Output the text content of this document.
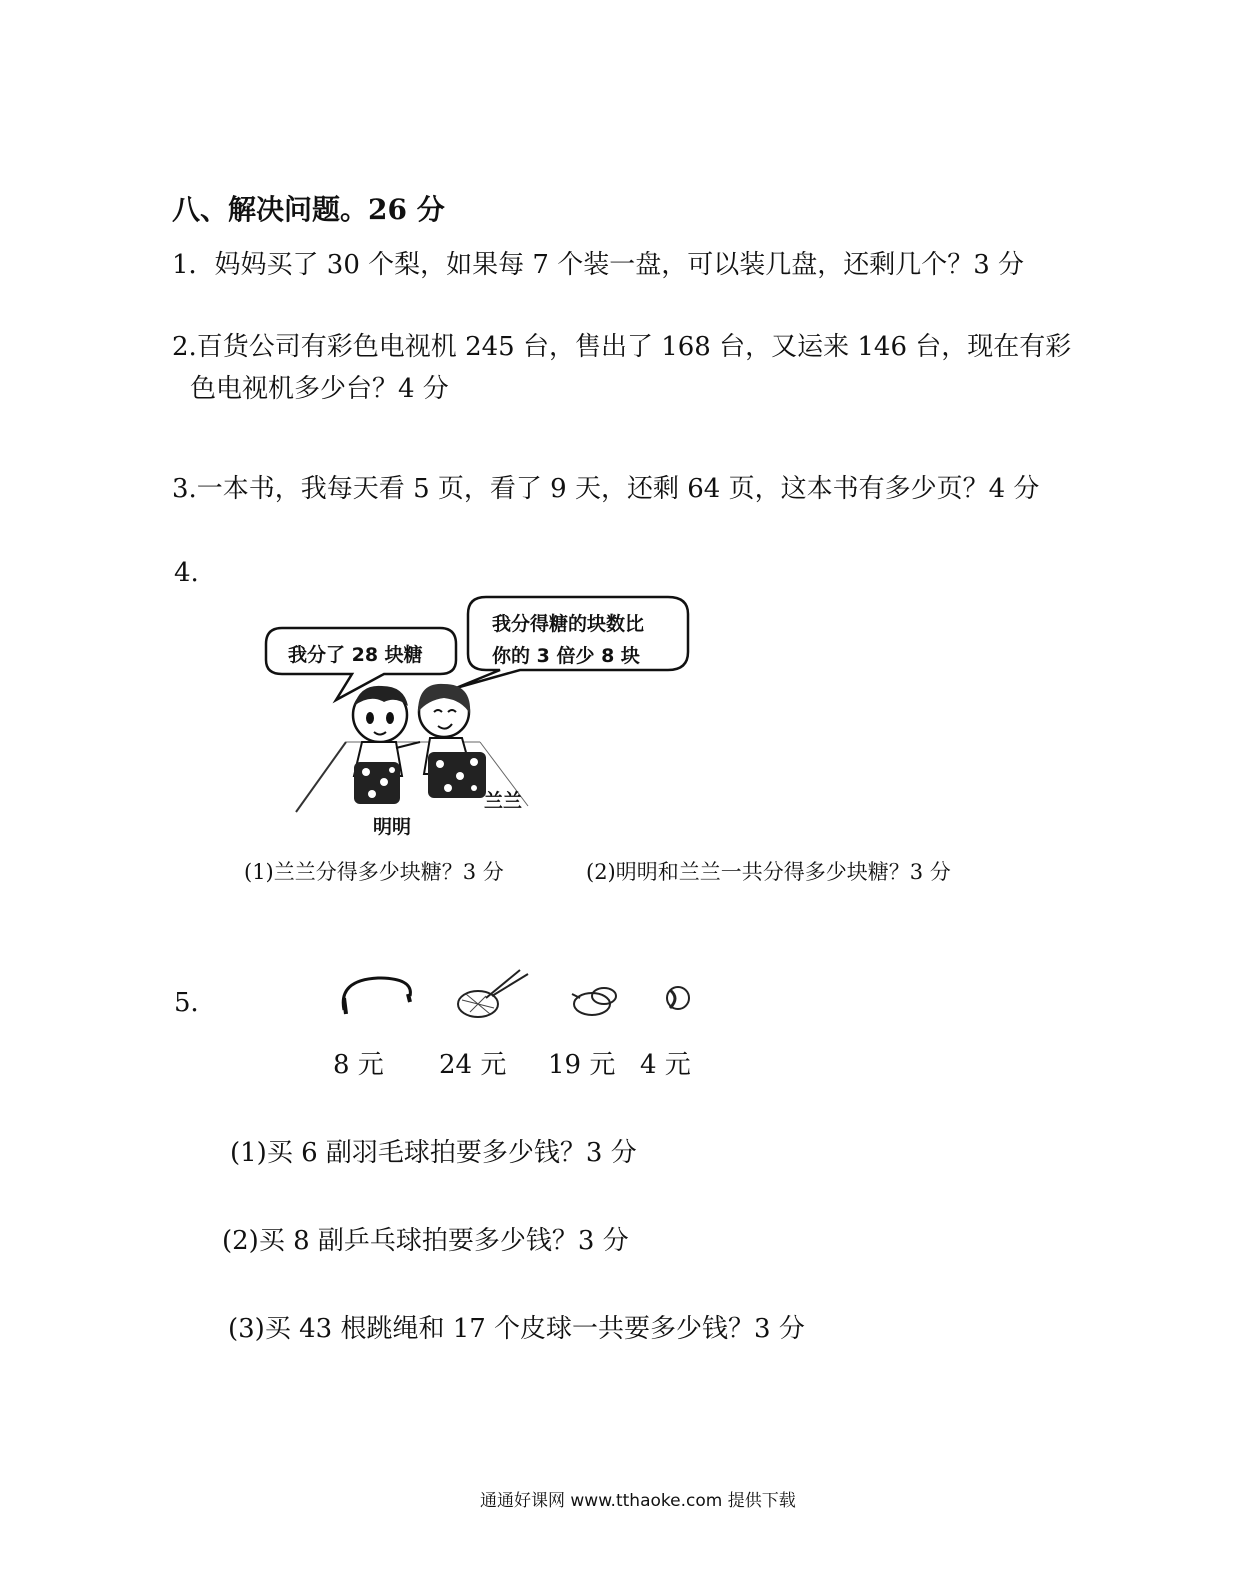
八、解决问题。26 分
1．妈妈买了 30 个梨，如果每 7 个装一盘，可以装几盘，还剩几个？3 分
2.百货公司有彩色电视机 245 台，售出了 168 台，又运来 146 台，现在有彩
色电视机多少台？4 分
3.一本书，我每天看 5 页，看了 9 天，还剩 64 页，这本书有多少页？4 分
4.
我分了 28 块糖
我分得糖的块数比
你的 3 倍少 8 块
明明
兰兰
(1)兰兰分得多少块糖？3 分	(2)明明和兰兰一共分得多少块糖？3 分
5．
8 元 24 元 19 元 4 元
(1)买 6 副羽毛球拍要多少钱？3 分
(2)买 8 副乒乓球拍要多少钱？3 分
(3)买 43 根跳绳和 17 个皮球一共要多少钱？3 分
通通好课网 www.tthaoke.com 提供下载
